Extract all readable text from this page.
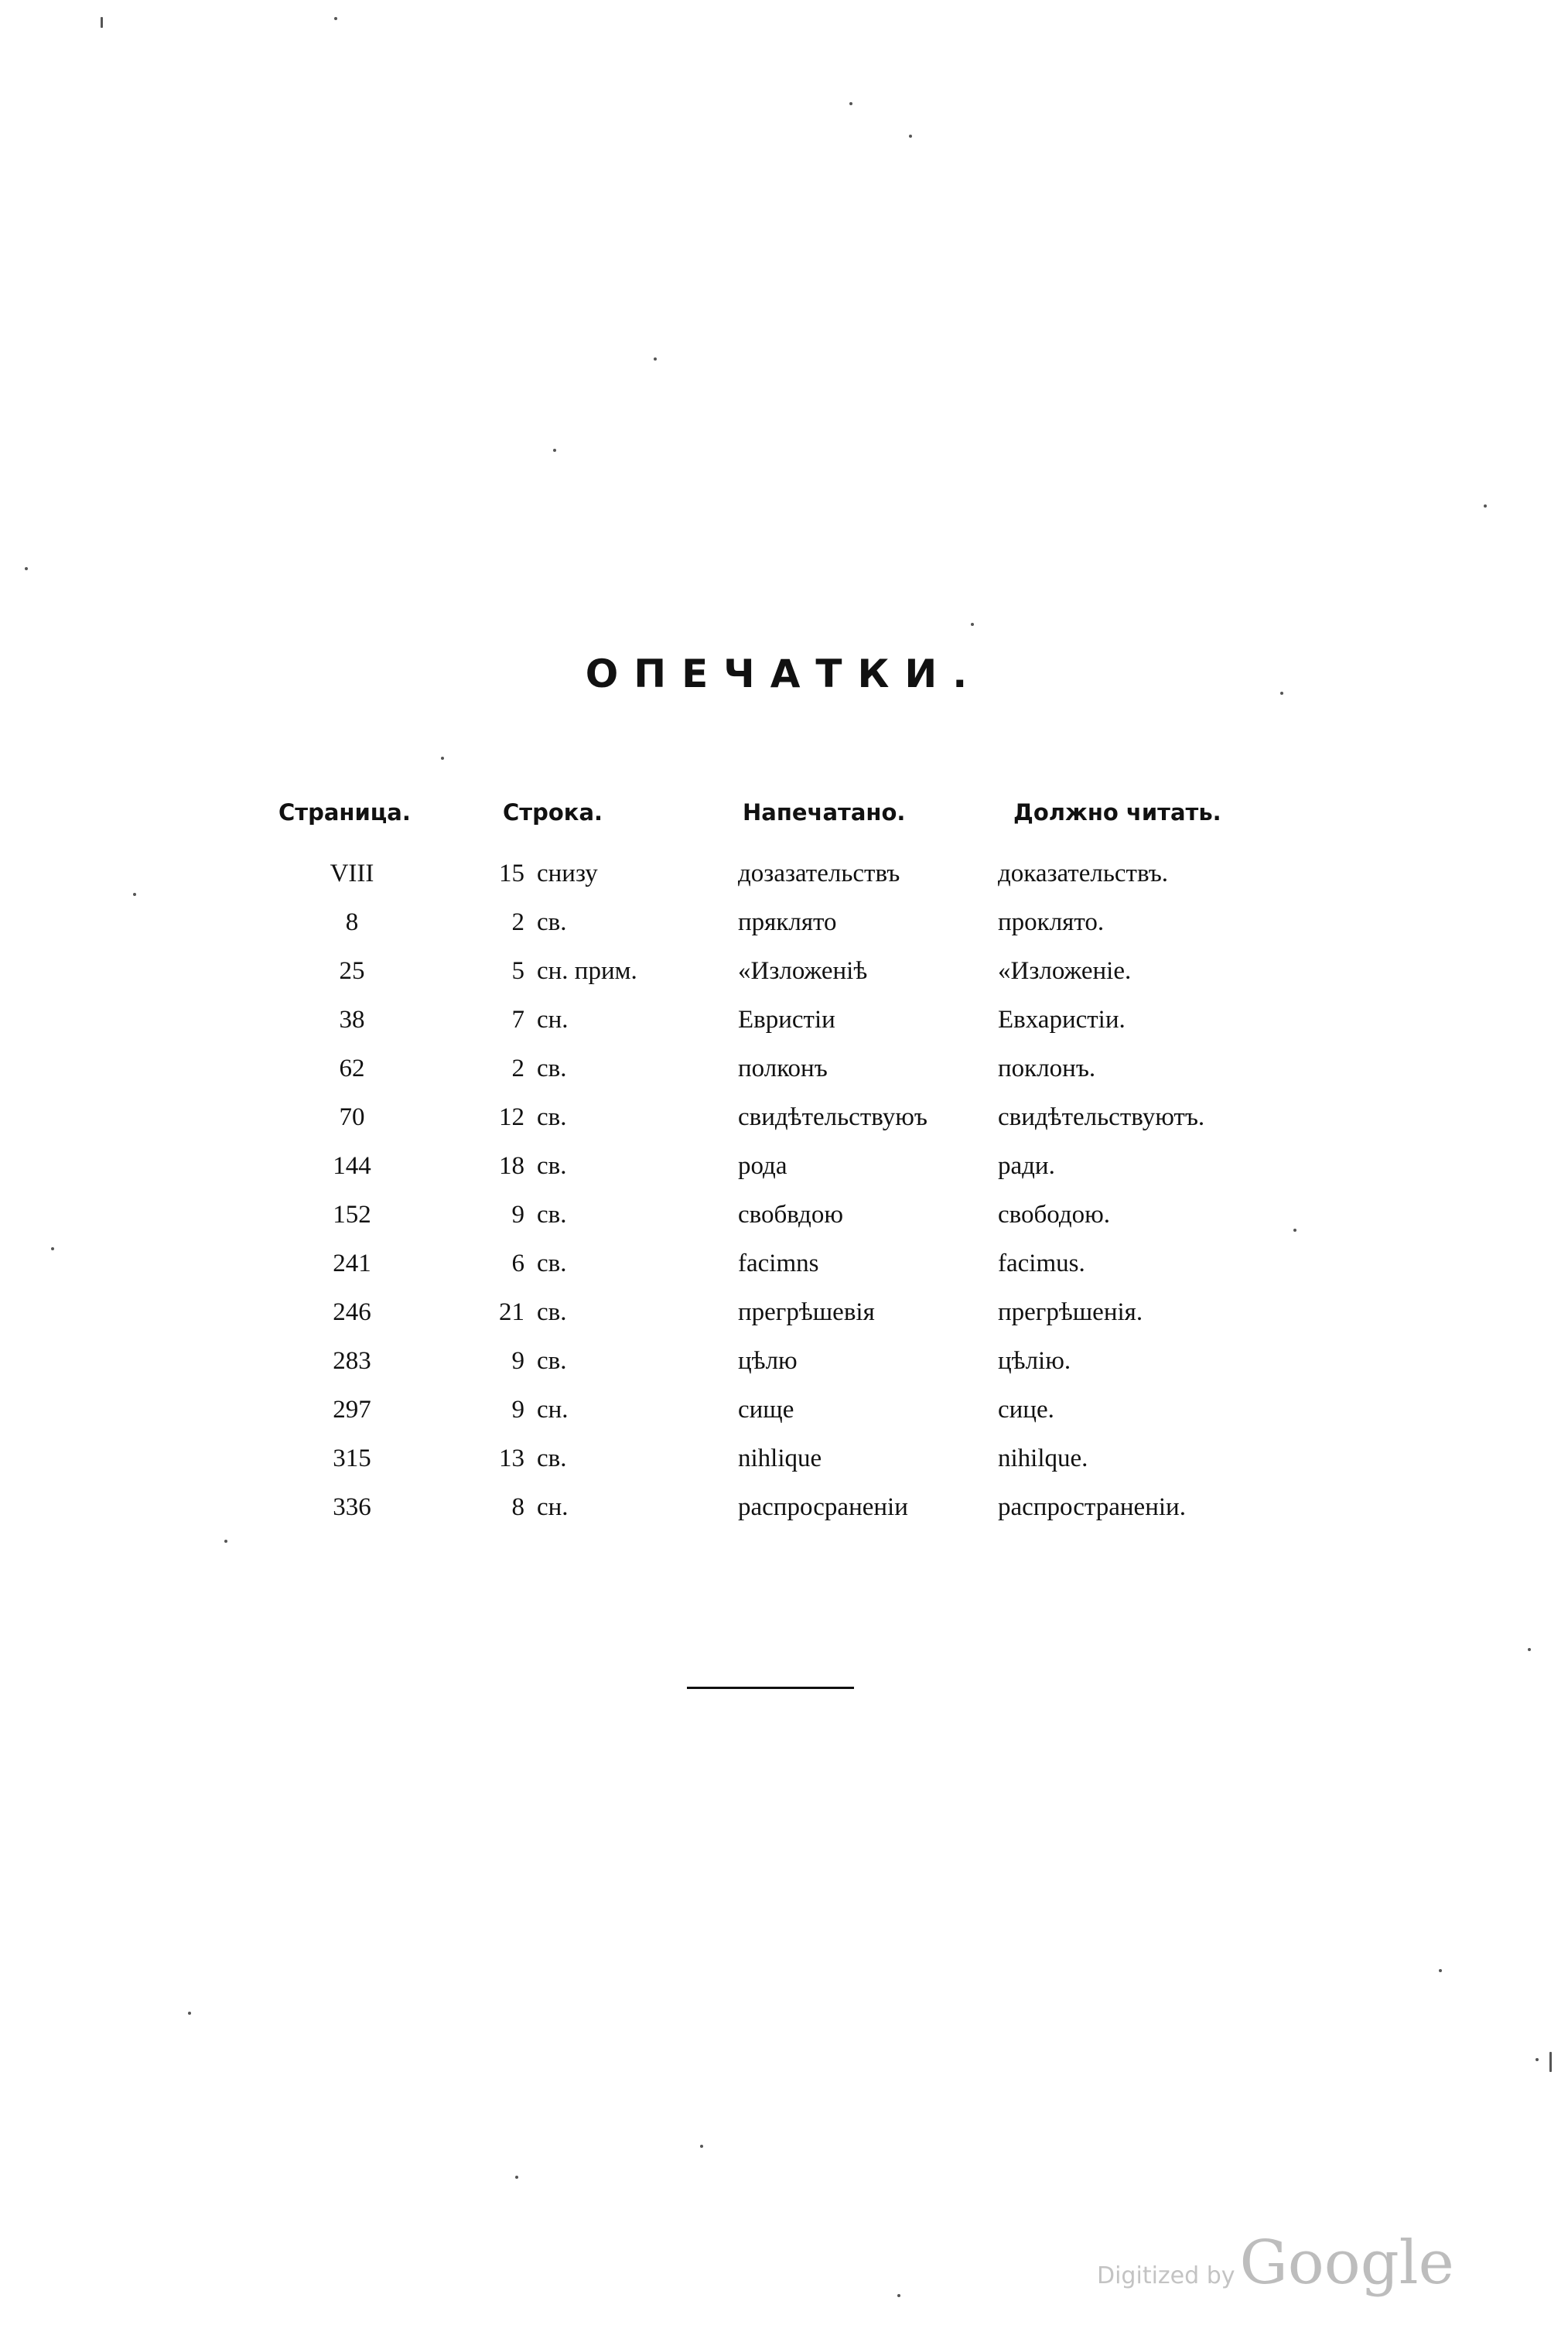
ОПЕЧАТКИ.
Страница.	Строка.	Напечатано.	Должно читать.
VIII	15 снизу	дозазательствъ	доказательствъ.
8	2 св.	пряклято	проклято.
25	5 сн. прим.	«Изложеніѣ	«Изложеніе.
38	7 сн.	Евристіи	Евхаристіи.
62	2 св.	полконъ	поклонъ.
70	12 св.	свидѣтельствуюъ	свидѣтельствуютъ.
144	18 св.	рода	ради.
152	9 св.	свобвдою	свободою.
241	6 св.	facimns	facimus.
246	21 св.	прегрѣшевія	прегрѣшенія.
283	9 св.	цѣлю	цѣлію.
297	9 сн.	сище	сице.
315	13 св.	nihlique	nihilque.
336	8 сн.	распросранeніи	распространеніи.
Digitized byGoogle
